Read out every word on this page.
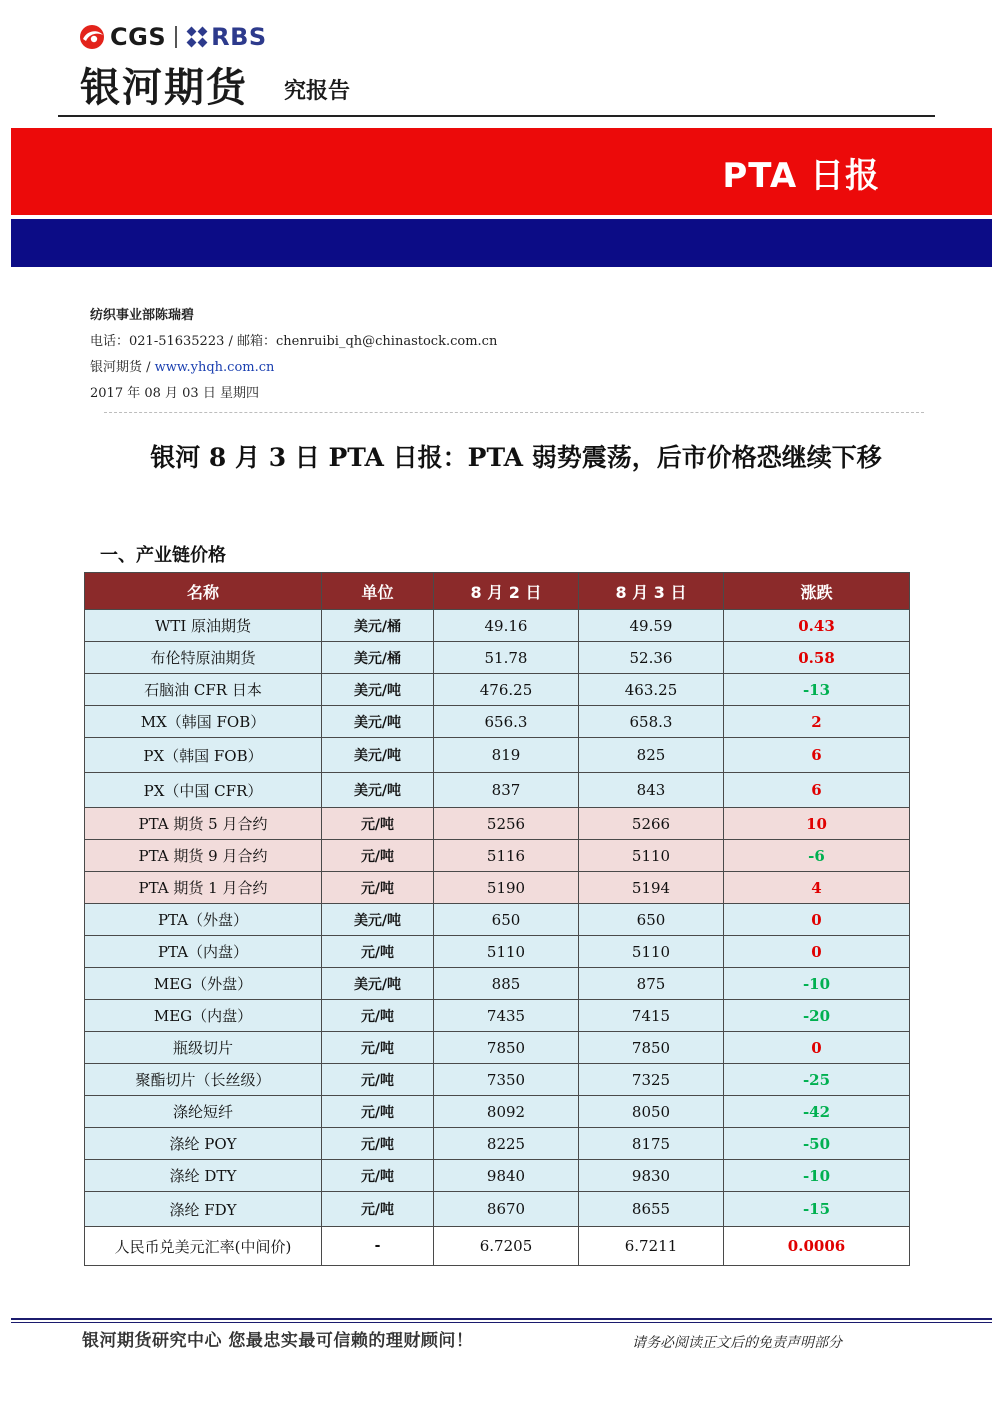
CGS RBS
银河期货 究报告
PTA 日报
纺织事业部陈瑞碧
电话：021-51635223 / 邮箱：chenruibi_qh@chinastock.com.cn
银河期货 / www.yhqh.com.cn
2017 年 08 月 03 日 星期四
银河 8 月 3 日 PTA 日报：PTA 弱势震荡，后市价格恐继续下移
一、产业链价格
名称	单位	8 月 2 日	8 月 3 日	涨跌
WTI 原油期货	美元/桶	49.16	49.59	0.43
布伦特原油期货	美元/桶	51.78	52.36	0.58
石脑油 CFR 日本	美元/吨	476.25	463.25	-13
MX（韩国 FOB）	美元/吨	656.3	658.3	2
PX（韩国 FOB）	美元/吨	819	825	6
PX（中国 CFR）	美元/吨	837	843	6
PTA 期货 5 月合约	元/吨	5256	5266	10
PTA 期货 9 月合约	元/吨	5116	5110	-6
PTA 期货 1 月合约	元/吨	5190	5194	4
PTA（外盘）	美元/吨	650	650	0
PTA（内盘）	元/吨	5110	5110	0
MEG（外盘）	美元/吨	885	875	-10
MEG（内盘）	元/吨	7435	7415	-20
瓶级切片	元/吨	7850	7850	0
聚酯切片（长丝级）	元/吨	7350	7325	-25
涤纶短纤	元/吨	8092	8050	-42
涤纶 POY	元/吨	8225	8175	-50
涤纶 DTY	元/吨	9840	9830	-10
涤纶 FDY	元/吨	8670	8655	-15
人民币兑美元汇率(中间价)	-	6.7205	6.7211	0.0006
银河期货研究中心 您最忠实最可信赖的理财顾问！	请务必阅读正文后的免责声明部分
